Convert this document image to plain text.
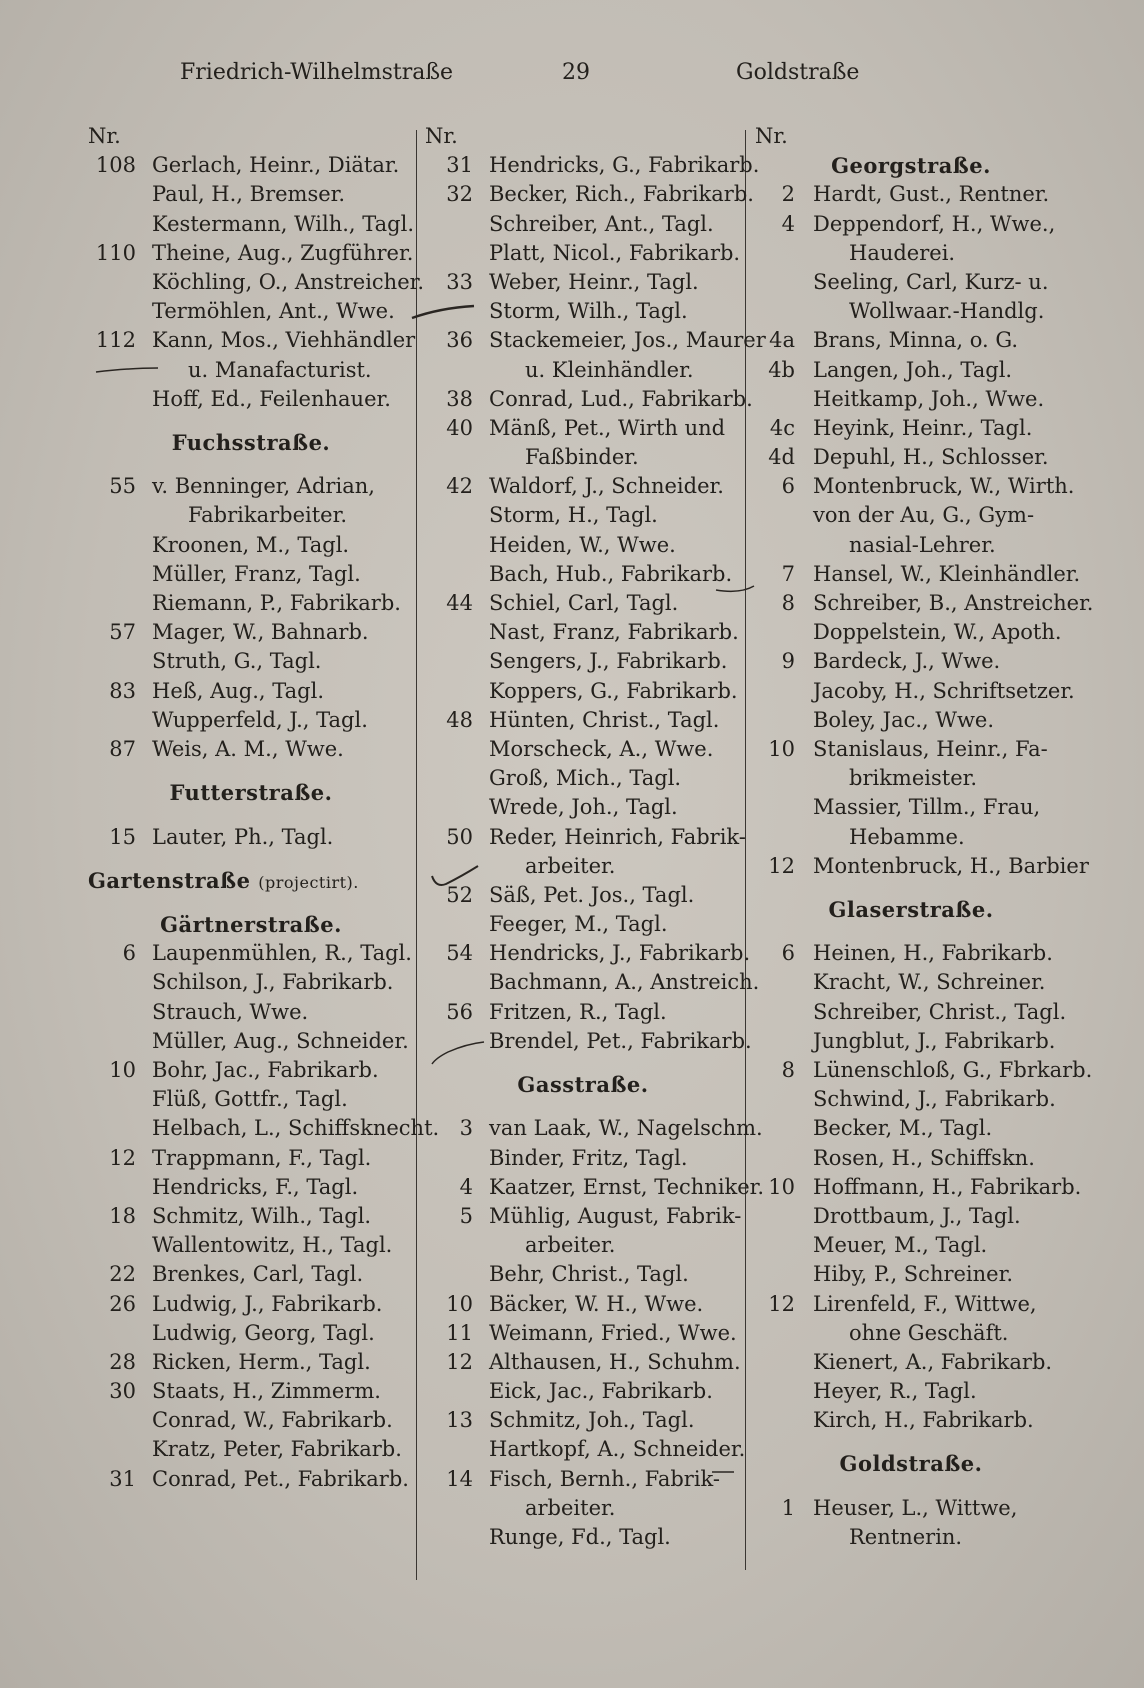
Friedrich-Wilhelmstraße	29	Goldstraße
Nr.
108 Gerlach, Heinr., Diätar.
Paul, H., Bremser.
Kestermann, Wilh., Tagl.
110 Theine, Aug., Zugführer.
Köchling, O., Anstreicher.
Termöhlen, Ant., Wwe.
112 Kann, Mos., Viehhändler
u. Manafacturist.
Hoff, Ed., Feilenhauer.
Fuchsstraße.
55 v. Benninger, Adrian,
Fabrikarbeiter.
Kroonen, M., Tagl.
Müller, Franz, Tagl.
Riemann, P., Fabrikarb.
57 Mager, W., Bahnarb.
Struth, G., Tagl.
83 Heß, Aug., Tagl.
Wupperfeld, J., Tagl.
87 Weis, A. M., Wwe.
Futterstraße.
15 Lauter, Ph., Tagl.
Gartenstraße (projectirt).
Gärtnerstraße.
6 Laupenmühlen, R., Tagl.
Schilson, J., Fabrikarb.
Strauch, Wwe.
Müller, Aug., Schneider.
10 Bohr, Jac., Fabrikarb.
Flüß, Gottfr., Tagl.
Helbach, L., Schiffsknecht.
12 Trappmann, F., Tagl.
Hendricks, F., Tagl.
18 Schmitz, Wilh., Tagl.
Wallentowitz, H., Tagl.
22 Brenkes, Carl, Tagl.
26 Ludwig, J., Fabrikarb.
Ludwig, Georg, Tagl.
28 Ricken, Herm., Tagl.
30 Staats, H., Zimmerm.
Conrad, W., Fabrikarb.
Kratz, Peter, Fabrikarb.
31 Conrad, Pet., Fabrikarb.
Nr.
31 Hendricks, G., Fabrikarb.
32 Becker, Rich., Fabrikarb.
Schreiber, Ant., Tagl.
Platt, Nicol., Fabrikarb.
33 Weber, Heinr., Tagl.
Storm, Wilh., Tagl.
36 Stackemeier, Jos., Maurer
u. Kleinhändler.
38 Conrad, Lud., Fabrikarb.
40 Mänß, Pet., Wirth und
Faßbinder.
42 Waldorf, J., Schneider.
Storm, H., Tagl.
Heiden, W., Wwe.
Bach, Hub., Fabrikarb.
44 Schiel, Carl, Tagl.
Nast, Franz, Fabrikarb.
Sengers, J., Fabrikarb.
Koppers, G., Fabrikarb.
48 Hünten, Christ., Tagl.
Morscheck, A., Wwe.
Groß, Mich., Tagl.
Wrede, Joh., Tagl.
50 Reder, Heinrich, Fabrik-
arbeiter.
52 Säß, Pet. Jos., Tagl.
Feeger, M., Tagl.
54 Hendricks, J., Fabrikarb.
Bachmann, A., Anstreich.
56 Fritzen, R., Tagl.
Brendel, Pet., Fabrikarb.
Gasstraße.
3 van Laak, W., Nagelschm.
Binder, Fritz, Tagl.
4 Kaatzer, Ernst, Techniker.
5 Mühlig, August, Fabrik-
arbeiter.
Behr, Christ., Tagl.
10 Bäcker, W. H., Wwe.
11 Weimann, Fried., Wwe.
12 Althausen, H., Schuhm.
Eick, Jac., Fabrikarb.
13 Schmitz, Joh., Tagl.
Hartkopf, A., Schneider.
14 Fisch, Bernh., Fabrik-
arbeiter.
Runge, Fd., Tagl.
Nr.
Georgstraße.
2 Hardt, Gust., Rentner.
4 Deppendorf, H., Wwe.,
Hauderei.
Seeling, Carl, Kurz- u.
Wollwaar.-Handlg.
4a Brans, Minna, o. G.
4b Langen, Joh., Tagl.
Heitkamp, Joh., Wwe.
4c Heyink, Heinr., Tagl.
4d Depuhl, H., Schlosser.
6 Montenbruck, W., Wirth.
von der Au, G., Gym-
nasial-Lehrer.
7 Hansel, W., Kleinhändler.
8 Schreiber, B., Anstreicher.
Doppelstein, W., Apoth.
9 Bardeck, J., Wwe.
Jacoby, H., Schriftsetzer.
Boley, Jac., Wwe.
10 Stanislaus, Heinr., Fa-
brikmeister.
Massier, Tillm., Frau,
Hebamme.
12 Montenbruck, H., Barbier
Glaserstraße.
6 Heinen, H., Fabrikarb.
Kracht, W., Schreiner.
Schreiber, Christ., Tagl.
Jungblut, J., Fabrikarb.
8 Lünenschloß, G., Fbrkarb.
Schwind, J., Fabrikarb.
Becker, M., Tagl.
Rosen, H., Schiffskn.
10 Hoffmann, H., Fabrikarb.
Drottbaum, J., Tagl.
Meuer, M., Tagl.
Hiby, P., Schreiner.
12 Lirenfeld, F., Wittwe,
ohne Geschäft.
Kienert, A., Fabrikarb.
Heyer, R., Tagl.
Kirch, H., Fabrikarb.
Goldstraße.
1 Heuser, L., Wittwe,
Rentnerin.
